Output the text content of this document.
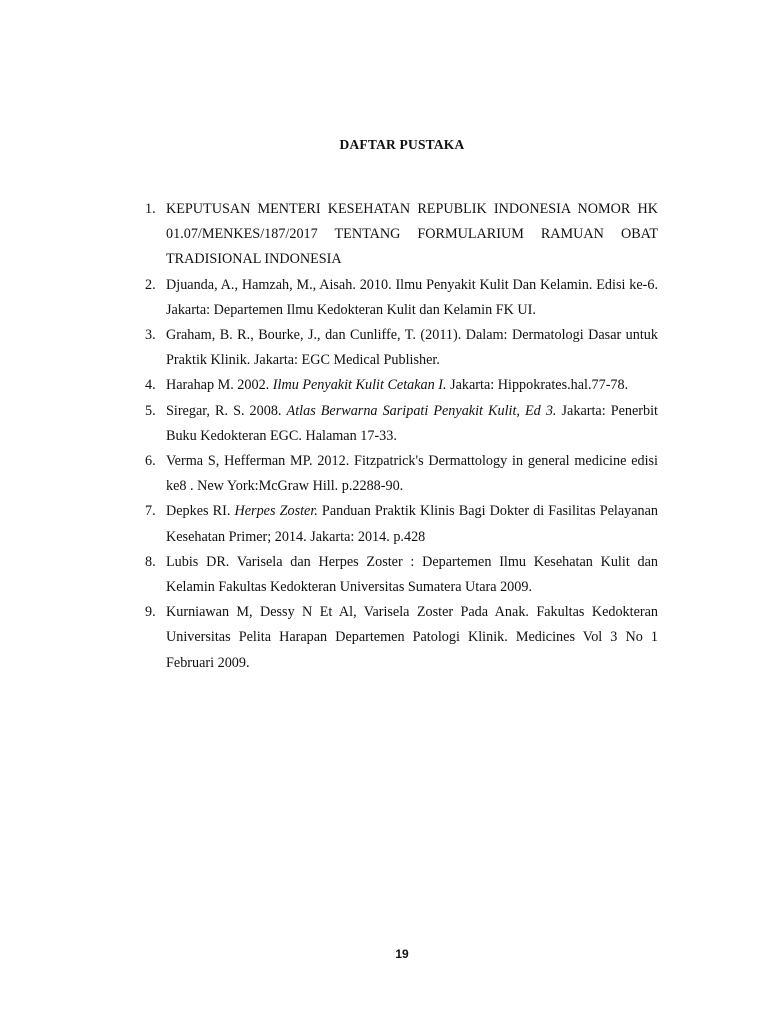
DAFTAR PUSTAKA
1. KEPUTUSAN MENTERI KESEHATAN REPUBLIK INDONESIA NOMOR HK 01.07/MENKES/187/2017 TENTANG FORMULARIUM RAMUAN OBAT TRADISIONAL INDONESIA
2. Djuanda, A., Hamzah, M., Aisah. 2010. Ilmu Penyakit Kulit Dan Kelamin. Edisi ke-6. Jakarta: Departemen Ilmu Kedokteran Kulit dan Kelamin FK UI.
3. Graham, B. R., Bourke, J., dan Cunliffe, T. (2011). Dalam: Dermatologi Dasar untuk Praktik Klinik. Jakarta: EGC Medical Publisher.
4. Harahap M. 2002. Ilmu Penyakit Kulit Cetakan I. Jakarta: Hippokrates.hal.77-78.
5. Siregar, R. S. 2008. Atlas Berwarna Saripati Penyakit Kulit, Ed 3. Jakarta: Penerbit Buku Kedokteran EGC. Halaman 17-33.
6. Verma S, Hefferman MP. 2012. Fitzpatrick's Dermattology in general medicine edisi ke8 . New York:McGraw Hill. p.2288-90.
7. Depkes RI. Herpes Zoster. Panduan Praktik Klinis Bagi Dokter di Fasilitas Pelayanan Kesehatan Primer; 2014. Jakarta: 2014. p.428
8. Lubis DR. Varisela dan Herpes Zoster : Departemen Ilmu Kesehatan Kulit dan Kelamin Fakultas Kedokteran Universitas Sumatera Utara 2009.
9. Kurniawan M, Dessy N Et Al, Varisela Zoster Pada Anak. Fakultas Kedokteran Universitas Pelita Harapan Departemen Patologi Klinik. Medicines Vol 3 No 1 Februari 2009.
19
